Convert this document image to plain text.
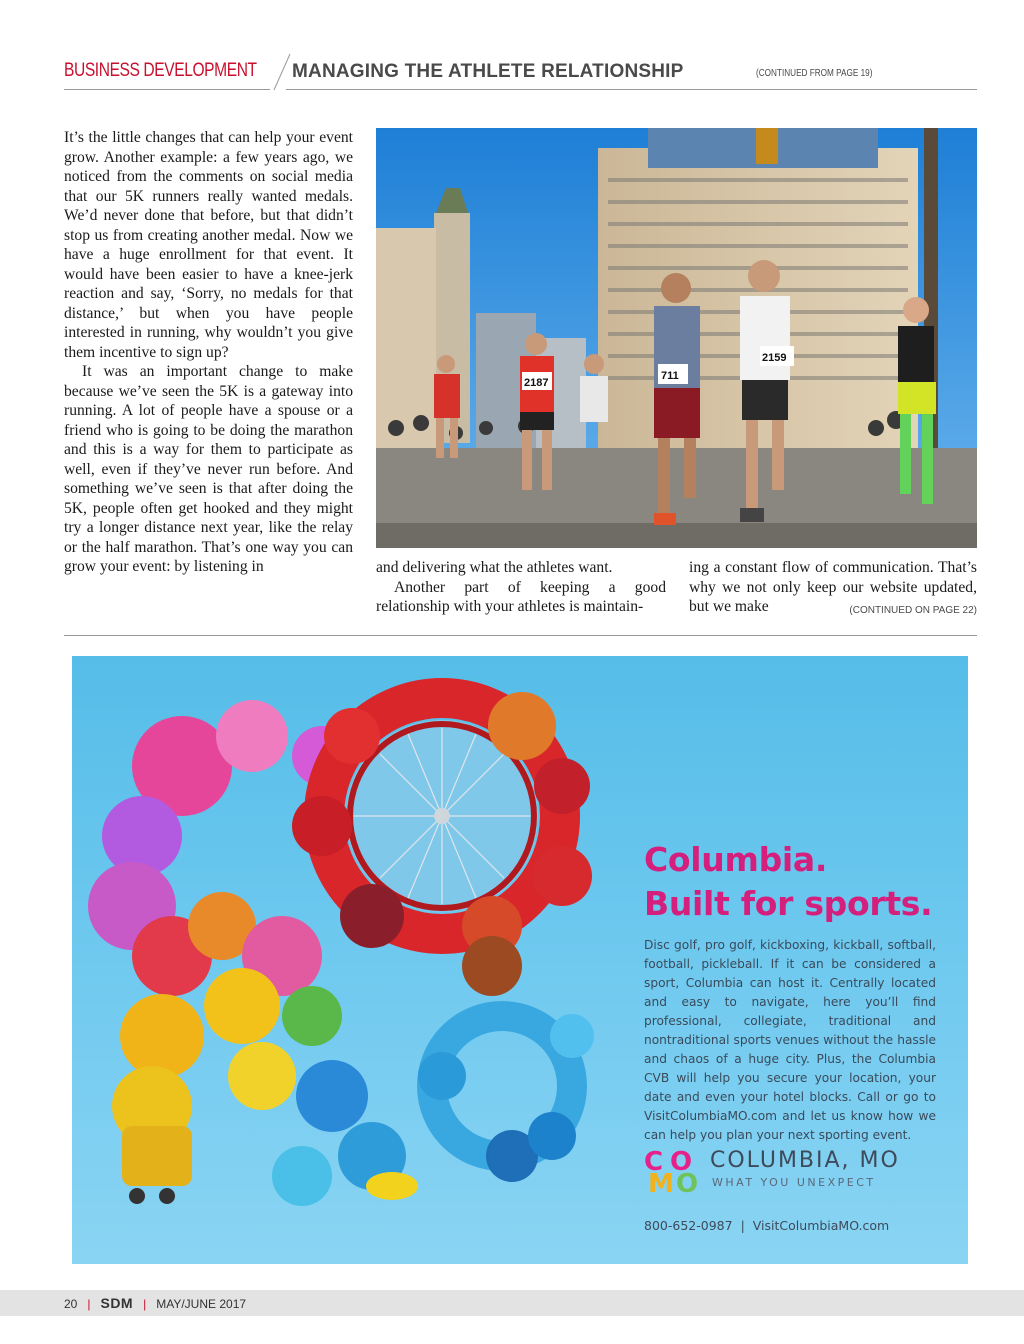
BUSINESS DEVELOPMENT MANAGING THE ATHLETE RELATIONSHIP	(CONTINUED FROM PAGE 19)

It’s the little changes that can help your event grow. Another example: a few years ago, we noticed from the comments on social media that our 5K runners really wanted medals. We’d never done that before, but that didn’t stop us from creating another medal. Now we have a huge enrollment for that event. It would have been easier to have a knee-jerk reaction and say, ‘Sorry, no medals for that distance,’ but when you have people interested in running, why wouldn’t you give them incentive to sign up?

It was an important change to make because we’ve seen the 5K is a gateway into running. A lot of people have a spouse or a friend who is going to be doing the marathon and this is a way for them to participate as well, even if they’ve never run before. And something we’ve seen is that after doing the 5K, people often get hooked and they might try a longer distance next year, like the relay or the half marathon. That’s one way you can grow your event: by listening in

711
2159
2187

and delivering what the athletes want.

Another part of keeping a good relationship with your athletes is maintain-

ing a constant flow of communication. That’s why we not only keep our website updated, but we make	(CONTINUED ON PAGE 22)

Columbia.
Built for sports.
Disc golf, pro golf, kickboxing, kickball, softball, football, pickleball. If it can be considered a sport, Columbia can host it. Centrally located and easy to navigate, here you’ll find professional, collegiate, traditional and nontraditional sports venues without the hassle and chaos of a huge city. Plus, the Columbia CVB will help you secure your location, your date and even your hotel blocks. Call or go to VisitColumbiaMO.com and let us know how we can help you plan your next sporting event.
C O
M O
COLUMBIA, MO
WHAT YOU UNEXPECT
800-652-0987 | VisitColumbiaMO.com
20 | SDM | MAY/JUNE 2017
